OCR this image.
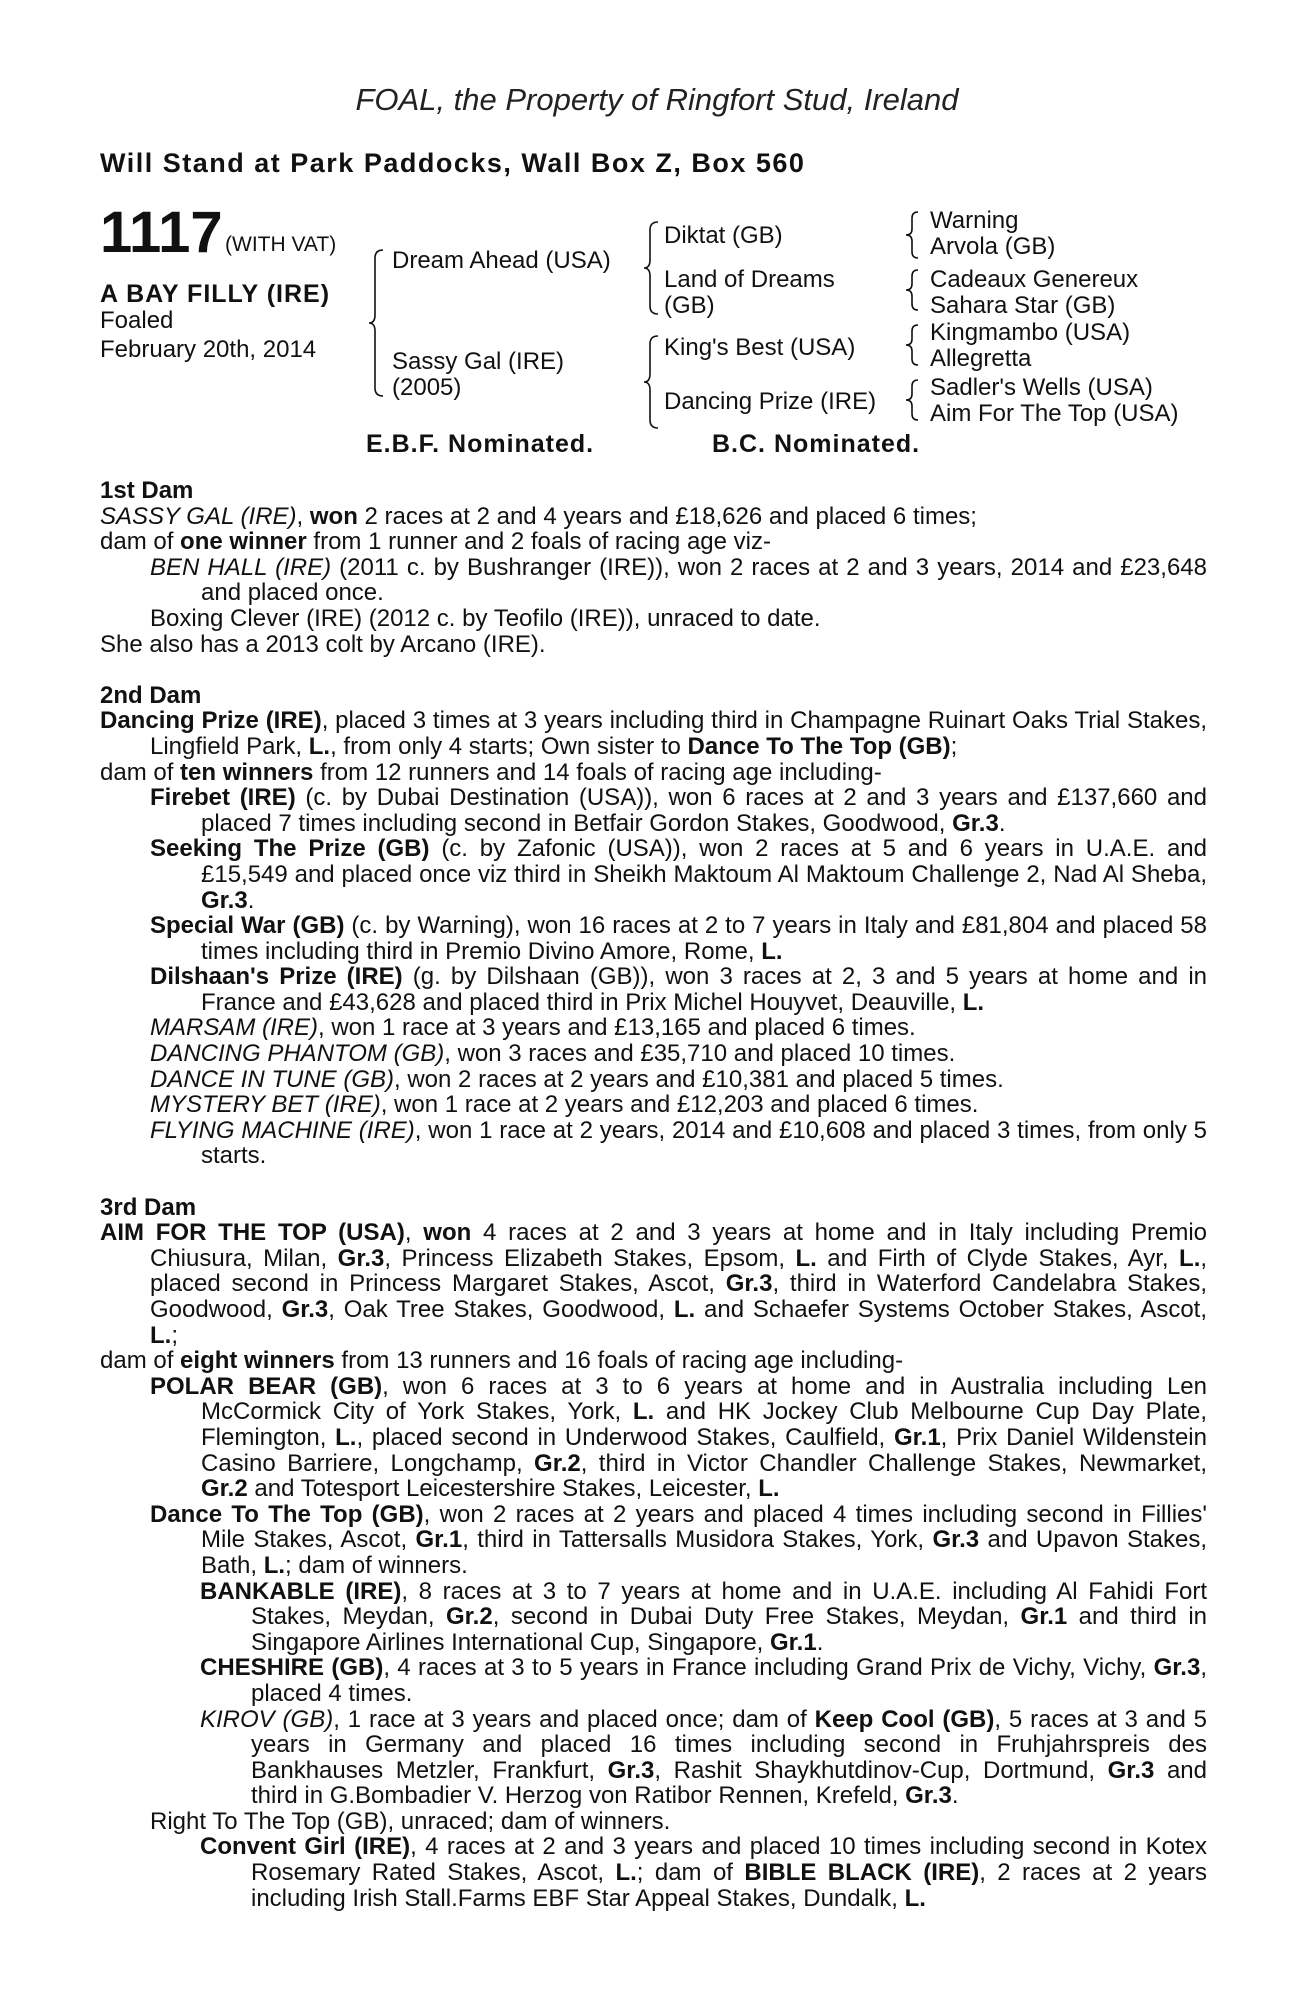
FOAL, the Property of Ringfort Stud, Ireland
Will Stand at Park Paddocks, Wall Box Z, Box 560
1117 (WITH VAT)
A BAY FILLY (IRE)
Foaled
February 20th, 2014
Dream Ahead (USA)
Sassy Gal (IRE)
(2005)
Diktat (GB)
Land of Dreams
(GB)
King's Best (USA)
Dancing Prize (IRE)
Warning
Arvola (GB)
Cadeaux Genereux
Sahara Star (GB)
Kingmambo (USA)
Allegretta
Sadler's Wells (USA)
Aim For The Top (USA)
E.B.F. Nominated.	B.C. Nominated.
1st Dam

SASSY GAL (IRE), won 2 races at 2 and 4 years and £18,626 and placed 6 times;

dam of one winner from 1 runner and 2 foals of racing age viz-

BEN HALL (IRE) (2011 c. by Bushranger (IRE)), won 2 races at 2 and 3 years, 2014 and £23,648 and placed once.

Boxing Clever (IRE) (2012 c. by Teofilo (IRE)), unraced to date.

She also has a 2013 colt by Arcano (IRE).

2nd Dam

Dancing Prize (IRE), placed 3 times at 3 years including third in Champagne Ruinart Oaks Trial Stakes, Lingfield Park, L., from only 4 starts; Own sister to Dance To The Top (GB);

dam of ten winners from 12 runners and 14 foals of racing age including-

Firebet (IRE) (c. by Dubai Destination (USA)), won 6 races at 2 and 3 years and £137,660 and placed 7 times including second in Betfair Gordon Stakes, Goodwood, Gr.3.

Seeking The Prize (GB) (c. by Zafonic (USA)), won 2 races at 5 and 6 years in U.A.E. and £15,549 and placed once viz third in Sheikh Maktoum Al Maktoum Challenge 2, Nad Al Sheba, Gr.3.

Special War (GB) (c. by Warning), won 16 races at 2 to 7 years in Italy and £81,804 and placed 58 times including third in Premio Divino Amore, Rome, L.

Dilshaan's Prize (IRE) (g. by Dilshaan (GB)), won 3 races at 2, 3 and 5 years at home and in France and £43,628 and placed third in Prix Michel Houyvet, Deauville, L.

MARSAM (IRE), won 1 race at 3 years and £13,165 and placed 6 times.

DANCING PHANTOM (GB), won 3 races and £35,710 and placed 10 times.

DANCE IN TUNE (GB), won 2 races at 2 years and £10,381 and placed 5 times.

MYSTERY BET (IRE), won 1 race at 2 years and £12,203 and placed 6 times.

FLYING MACHINE (IRE), won 1 race at 2 years, 2014 and £10,608 and placed 3 times, from only 5 starts.

3rd Dam

AIM FOR THE TOP (USA), won 4 races at 2 and 3 years at home and in Italy including Premio Chiusura, Milan, Gr.3, Princess Elizabeth Stakes, Epsom, L. and Firth of Clyde Stakes, Ayr, L., placed second in Princess Margaret Stakes, Ascot, Gr.3, third in Waterford Candelabra Stakes, Goodwood, Gr.3, Oak Tree Stakes, Goodwood, L. and Schaefer Systems October Stakes, Ascot, L.;

dam of eight winners from 13 runners and 16 foals of racing age including-

POLAR BEAR (GB), won 6 races at 3 to 6 years at home and in Australia including Len McCormick City of York Stakes, York, L. and HK Jockey Club Melbourne Cup Day Plate, Flemington, L., placed second in Underwood Stakes, Caulfield, Gr.1, Prix Daniel Wildenstein Casino Barriere, Longchamp, Gr.2, third in Victor Chandler Challenge Stakes, Newmarket, Gr.2 and Totesport Leicestershire Stakes, Leicester, L.

Dance To The Top (GB), won 2 races at 2 years and placed 4 times including second in Fillies' Mile Stakes, Ascot, Gr.1, third in Tattersalls Musidora Stakes, York, Gr.3 and Upavon Stakes, Bath, L.; dam of winners.

BANKABLE (IRE), 8 races at 3 to 7 years at home and in U.A.E. including Al Fahidi Fort Stakes, Meydan, Gr.2, second in Dubai Duty Free Stakes, Meydan, Gr.1 and third in Singapore Airlines International Cup, Singapore, Gr.1.

CHESHIRE (GB), 4 races at 3 to 5 years in France including Grand Prix de Vichy, Vichy, Gr.3, placed 4 times.

KIROV (GB), 1 race at 3 years and placed once; dam of Keep Cool (GB), 5 races at 3 and 5 years in Germany and placed 16 times including second in Fruhjahrspreis des Bankhauses Metzler, Frankfurt, Gr.3, Rashit Shaykhutdinov-Cup, Dortmund, Gr.3 and third in G.Bombadier V. Herzog von Ratibor Rennen, Krefeld, Gr.3.

Right To The Top (GB), unraced; dam of winners.

Convent Girl (IRE), 4 races at 2 and 3 years and placed 10 times including second in Kotex Rosemary Rated Stakes, Ascot, L.; dam of BIBLE BLACK (IRE), 2 races at 2 years including Irish Stall.Farms EBF Star Appeal Stakes, Dundalk, L.
